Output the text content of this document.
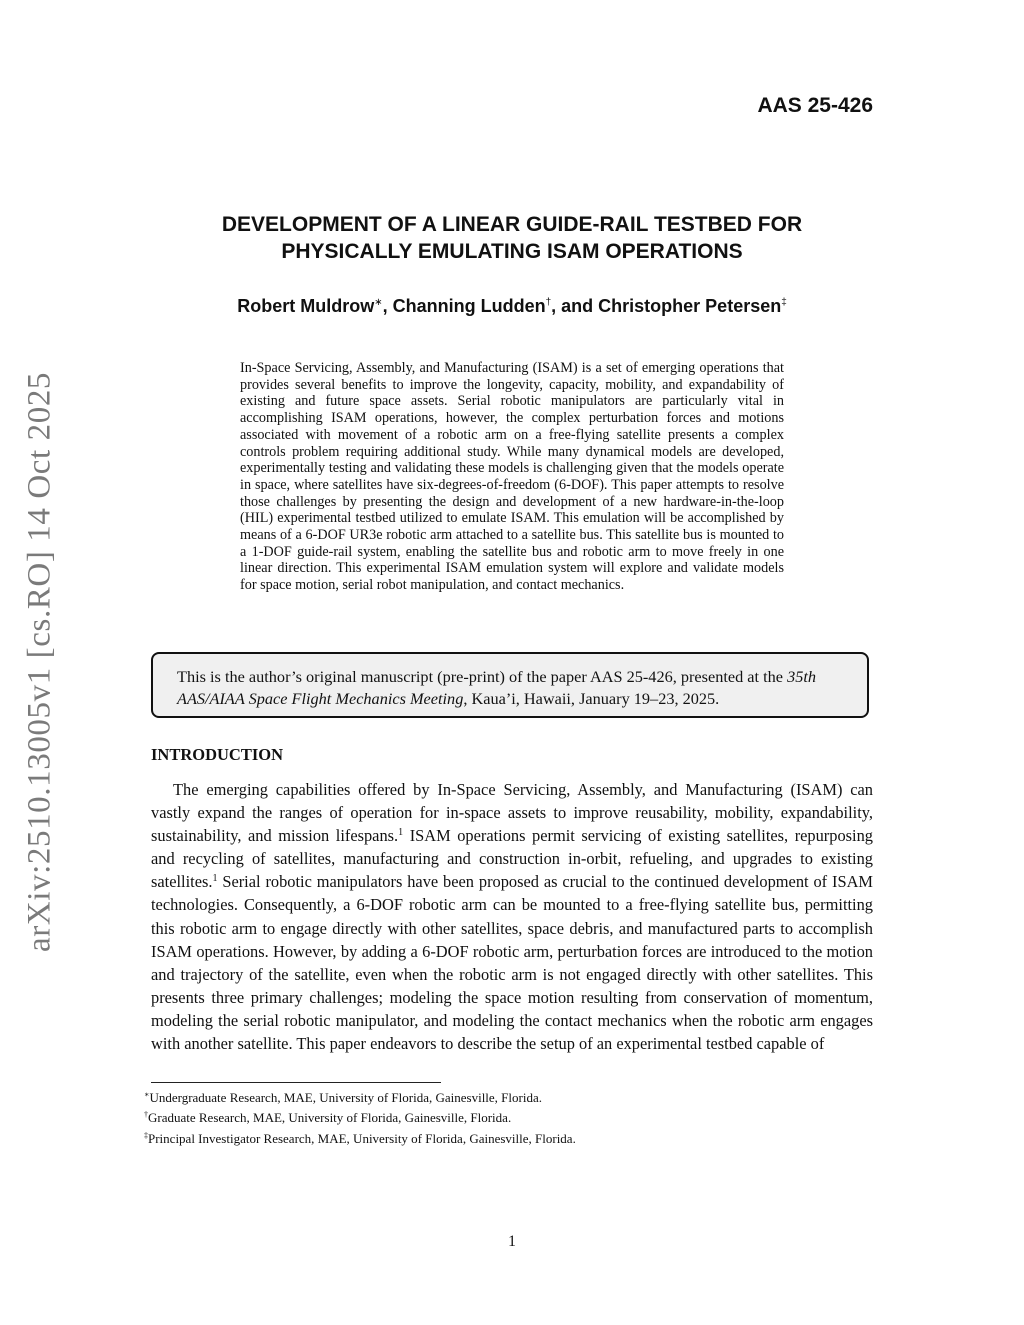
arXiv:2510.13005v1 [cs.RO] 14 Oct 2025
AAS 25-426
DEVELOPMENT OF A LINEAR GUIDE-RAIL TESTBED FOR
PHYSICALLY EMULATING ISAM OPERATIONS
Robert Muldrow∗, Channing Ludden†, and Christopher Petersen‡
In-Space Servicing, Assembly, and Manufacturing (ISAM) is a set of emerging operations that provides several benefits to improve the longevity, capacity, mobility, and expandability of existing and future space assets. Serial robotic manipulators are particularly vital in accomplishing ISAM operations, however, the complex perturbation forces and motions associated with movement of a robotic arm on a free-flying satellite presents a complex controls problem requiring additional study. While many dynamical models are developed, experimentally testing and validating these models is challenging given that the models operate in space, where satellites have six-degrees-of-freedom (6-DOF). This paper attempts to resolve those challenges by presenting the design and development of a new hardware-in-the-loop (HIL) experimental testbed utilized to emulate ISAM. This emulation will be accomplished by means of a 6-DOF UR3e robotic arm attached to a satellite bus. This satellite bus is mounted to a 1-DOF guide-rail system, enabling the satellite bus and robotic arm to move freely in one linear direction. This experimental ISAM emulation system will explore and validate models for space motion, serial robot manipulation, and contact mechanics.
This is the author’s original manuscript (pre-print) of the paper AAS 25-426, presented at the 35th AAS/AIAA Space Flight Mechanics Meeting, Kaua’i, Hawaii, January 19–23, 2025.
INTRODUCTION
The emerging capabilities offered by In-Space Servicing, Assembly, and Manufacturing (ISAM) can vastly expand the ranges of operation for in-space assets to improve reusability, mobility, expandability, sustainability, and mission lifespans.$^1$ ISAM operations permit servicing of existing satellites, repurposing and recycling of satellites, manufacturing and construction in-orbit, refueling, and upgrades to existing satellites.$^1$ Serial robotic manipulators have been proposed as crucial to the continued development of ISAM technologies. Consequently, a 6-DOF robotic arm can be mounted to a free-flying satellite bus, permitting this robotic arm to engage directly with other satellites, space debris, and manufactured parts to accomplish ISAM operations. However, by adding a 6-DOF robotic arm, perturbation forces are introduced to the motion and trajectory of the satellite, even when the robotic arm is not engaged directly with other satellites. This presents three primary challenges; modeling the space motion resulting from conservation of momentum, modeling the serial robotic manipulator, and modeling the contact mechanics when the robotic arm engages with another satellite. This paper endeavors to describe the setup of an experimental testbed capable of
∗Undergraduate Research, MAE, University of Florida, Gainesville, Florida.
†Graduate Research, MAE, University of Florida, Gainesville, Florida.
‡Principal Investigator Research, MAE, University of Florida, Gainesville, Florida.
1
